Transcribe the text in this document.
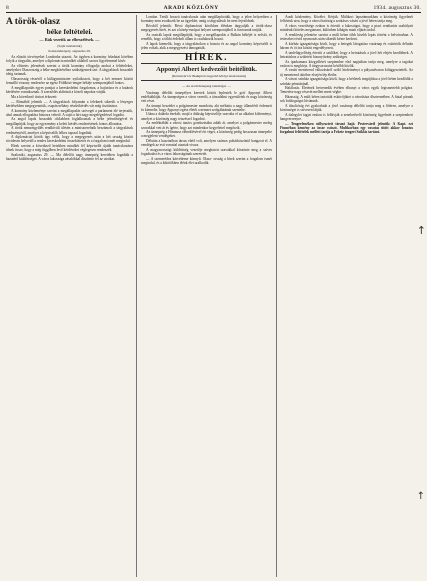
8	ARADI KÖZLÖNY	1934. augusztus 30.
A török-olasz
béke feltételei.
— Rák vezetik az elbeszélések. —
(Saját tudósítónk)
Konstantinápoly, augusztus 29.

Az elüzött törvényeket Londonba utazott. Az ügyben a kormány feladatai körében folyik a tárgyalás, amelyet a diplomácia mindkét oldalról szoros figyelemmel kísér.

Az előzetes jelentések szerint a török kormány elfogadja azokat a feltételeket, amelyeket Olaszország a béke megkötéséhez szükségesnek tart. A tárgyalások hosszabb ideig tartanak.

Olaszország részéről a külügyminiszter nyilatkozott, hogy a két nemzet között fennálló viszony rendezése az egész Földközi-tenger békéje szempontjából fontos.

A megállapodás egyes pontjai a kereskedelmi forgalomra, a hajózásra és a határok kérdésére vonatkoznak. A szerződés aláírását a közeli napokra várják.

Ma a következő távirat érkezett:

— Rómából jelentik — A tárgyalások folyamán a feleknek sikerült a lényeges kérdésekben megegyezniük, csupán néhány részletkérdés vár még tisztázásra.

A kormány közleménye szerint a megállapodás szövegét a parlament elé terjesztik, ahol annak elfogadása biztosra vehető. A sajtó a hírt nagy megelégedéssel fogadta.

Az angol lapok hosszabb cikkekben foglalkoznak a béke jelentőségével és megállapítják, hogy az egyezmény a keleti kérdés rendezésének fontos állomása.

A török nemzetgyűlés rendkívüli ülésén a miniszterelnök beszámolt a tárgyalások eredményéről, amelyet a képviselők lelkes tapssal fogadtak.

A diplomáciai körök úgy vélik, hogy a megegyezés után a két ország között rövidesen helyreáll a rendes kereskedelmi összeköttetés és a forgalom ismét megindul.

Hírek szerint a következő hetekben mindkét fél képviselői újabb tanácskozásra ülnek össze, hogy a még függőben levő kérdéseket véglegesen rendezzék.

Szaloniki, augusztus 29. — Ma délelőtt nagy ünnepség keretében fogadták a hazatérő küldöttséget. A város lakossága zászlókkal díszítette fel az utcákat.

London. Terült hosszú tanácskozás után megállapították, hogy a jelen helyzetben a kormány nem avatkozik be az ügyekbe, amíg a tárgyalások be nem fejeződnek.

Bécsből jelentik: Bécsi diplomáciai körökben élénken tárgyalják a török-olasz megegyezés hírét, és azt a közép-európai helyzet szempontjából is fontosnak tartják.

Az osztrák lapok megállapítják, hogy a megállapodás a Balkán békéjét is erősíti, és remélik, hogy a többi érdekelt állam is csatlakozik hozzá.

A lapok kiemelik, hogy a tárgyalásokon a francia és az angol kormány képviselői is jelen voltak, akik a megegyezést támogatták.

HÍREK.
Apponyi Albert kedvezőit beitélitük.

(Kolozsvári és Budapesti nagyobb körégi tanácskozás)

— Az aradi ünnepség tanulságai. —

Vasárnap délelőtt ünnepélyes keretek között leplezték le gróf Apponyi Albert emléktábláját. Az ünnepségen a város vezetői, a társadalmi egyesületek és nagy közönség vett részt.

Az ünnepi beszédet a polgármester mondotta, aki méltatta a nagy államférfi érdemeit és kiemelte, hogy Apponyi egész életét a nemzet szolgálatának szentelte.

Utána a dalárda énekelt, majd a diákság képviselője szavalta el az alkalmi költeményt, amelyet a közönség nagy tetszéssel fogadott.

Az emléktáblát a városi tanács gondozásába adták át, amelyet a polgármester meleg szavakkal vett át és ígérte, hogy azt mindenkor kegyelettel megőrzik.

Az ünnepség a Himnusz eléneklésével ért véget, a közönség pedig hosszasan ünnepelte a megjelent vendégeket.

Délután a kaszinóban társas ebéd volt, amelyen számos pohárköszöntő hangzott el. A vendégek az esti vonattal utaztak vissza.

A magyarországi küldöttség vezetője meghatott szavakkal köszönte meg a szíves fogadtatást és a város lakosságának szeretetét.

— A szemerédea kárvédeme könnyű. Olasz- ország a hírek szerint a forgalom ismét megindul, és a kikötőkben élénk élet uralkodik.

Aradi közlemény. Közélet. Kérjük. Múltkori lapszámunkban a közönség figyelmét felhívtuk arra, hogy a városi hatóság a szokásos vásárt a jövő héten tartja meg.

A város vezetősége ezúton is értesíti a lakosságot, hogy a piaci rendtartás szabályait mindenki köteles megtartani, különben kihágás miatt eljárás indul.

A rendőrség jelentése szerint a múlt héten több kisebb lopás történt a belvárosban. A tetteseket rövid nyomozás után sikerült kézre keríteni.

A kórház igazgatósága közli, hogy a betegek látogatása vasárnap és csütörtök délután három és öt óra között engedélyezett.

A tanfelügyelőség értesíti a szülőket, hogy a beiratások a jövő hét elején kezdődnek. A beiratáshoz a születési bizonyítvány szükséges.

Az iparkamara közgyűlését szeptember első napjaiban tartja meg, amelyre a tagokat ezúton is meghívja. A tárgysorozatot később közlik.

A vasúti menetrend változásáról szóló hirdetményt a pályaudvaron kifüggesztették. Az új menetrend október elsején lép életbe.

A városi színház igazgatósága közli, hogy a bérletek megújítása a jövő héten kezdődik a színház pénztáránál.

Halálozás. Életének hetvenedik évében elhunyt a város egyik legismertebb polgára. Temetése nagy részvét mellett ment végbe.

Házasság. A múlt héten tartották esküvőjüket a városháza dísztermében. A fiatal párnak sok boldogságot kívánunk.

A tűzoltóság évi gyakorlatát a jövő vasárnap délelőtt tartja meg a főtéren, amelyre a közönséget is szívesen látják.

A dalegylet tagjai ezúton is felhívják a zenekedvelő közönség figyelmét a szeptemberi hangversenyre.

— Tengerfenéken süllyesztett tárazó hajó. Pesterváról jelentik: A Kapt. ezt Fiuméban kemény az össze csúszó. Multkorban egy vasutas ütött akkor fonatos forgalmú feltételek mellett tartja a Fekete tengeri Sziklás tartású.

↑
↑
